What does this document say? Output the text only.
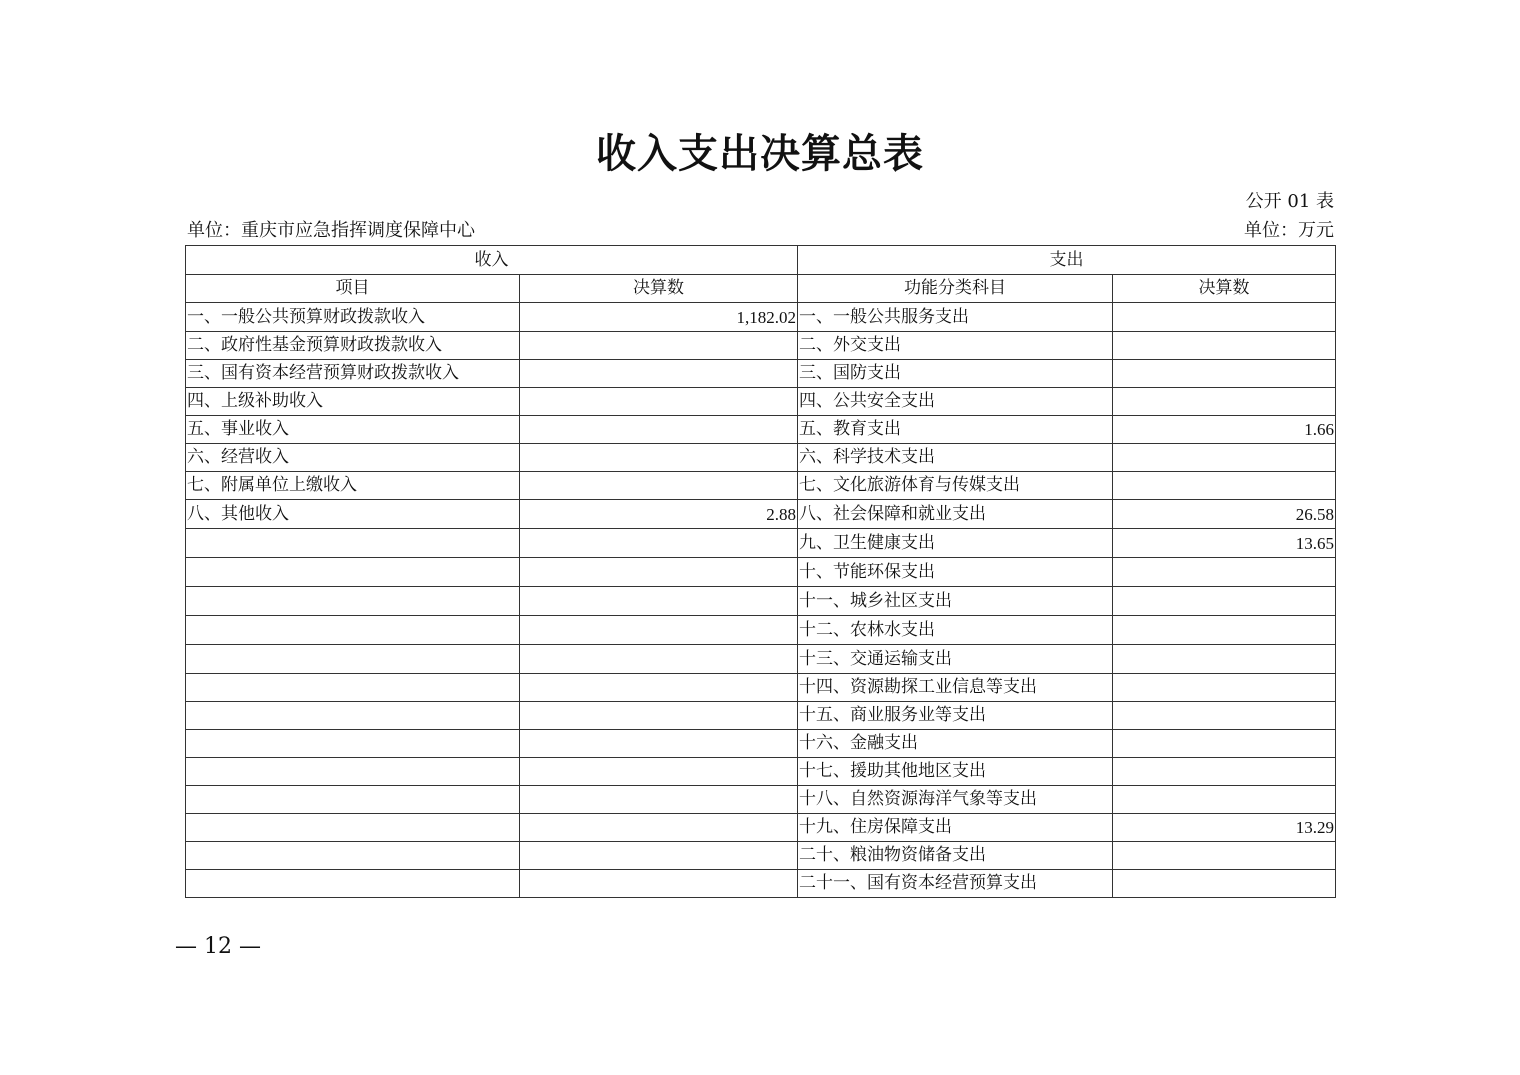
收入支出决算总表
公开 01 表
单位：重庆市应急指挥调度保障中心	单位：万元
收入		支出	
项目	决算数	功能分类科目	决算数
一、一般公共预算财政拨款收入	1,182.02	一、一般公共服务支出	
二、政府性基金预算财政拨款收入		二、外交支出	
三、国有资本经营预算财政拨款收入		三、国防支出	
四、上级补助收入		四、公共安全支出	
五、事业收入		五、教育支出	1.66
六、经营收入		六、科学技术支出	
七、附属单位上缴收入		七、文化旅游体育与传媒支出	
八、其他收入	2.88	八、社会保障和就业支出	26.58
		九、卫生健康支出	13.65
		十、节能环保支出	
		十一、城乡社区支出	
		十二、农林水支出	
		十三、交通运输支出	
		十四、资源勘探工业信息等支出	
		十五、商业服务业等支出	
		十六、金融支出	
		十七、援助其他地区支出	
		十八、自然资源海洋气象等支出	
		十九、住房保障支出	13.29
		二十、粮油物资储备支出	
		二十一、国有资本经营预算支出	
— 12 —
